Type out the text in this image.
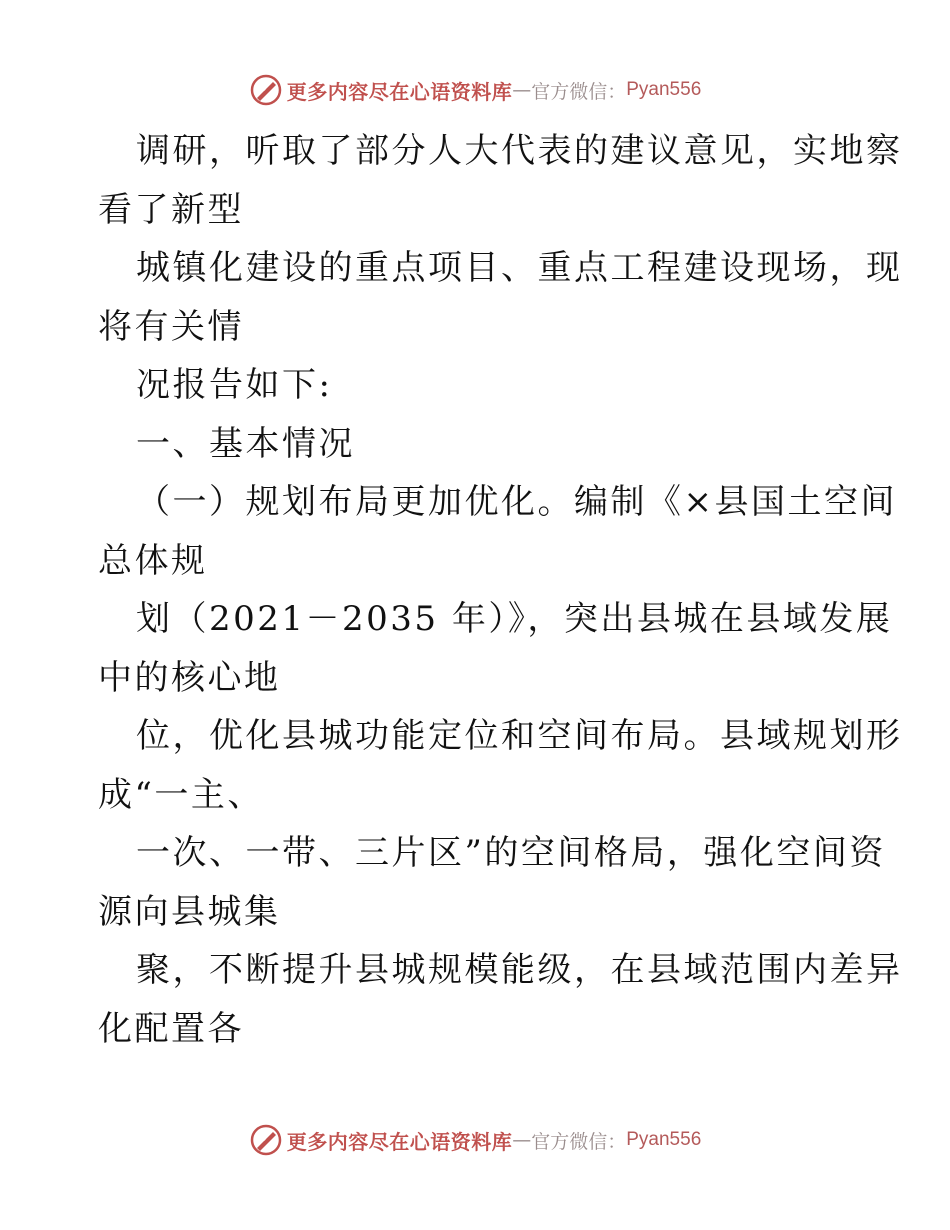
更多内容尽在心语资料库 — 官方微信： Pyan556
调研，听取了部分人大代表的建议意见，实地察
看了新型
城镇化建设的重点项目、重点工程建设现场，现
将有关情
况报告如下:
一、基本情况
（一）规划布局更加优化。编制《×县国土空间
总体规
划（2021－2035 年）》，突出县城在县域发展
中的核心地
位，优化县城功能定位和空间布局。县域规划形
成“一主、
一次、一带、三片区”的空间格局，强化空间资
源向县城集
聚，不断提升县城规模能级，在县域范围内差异
化配置各
更多内容尽在心语资料库 — 官方微信： Pyan556
